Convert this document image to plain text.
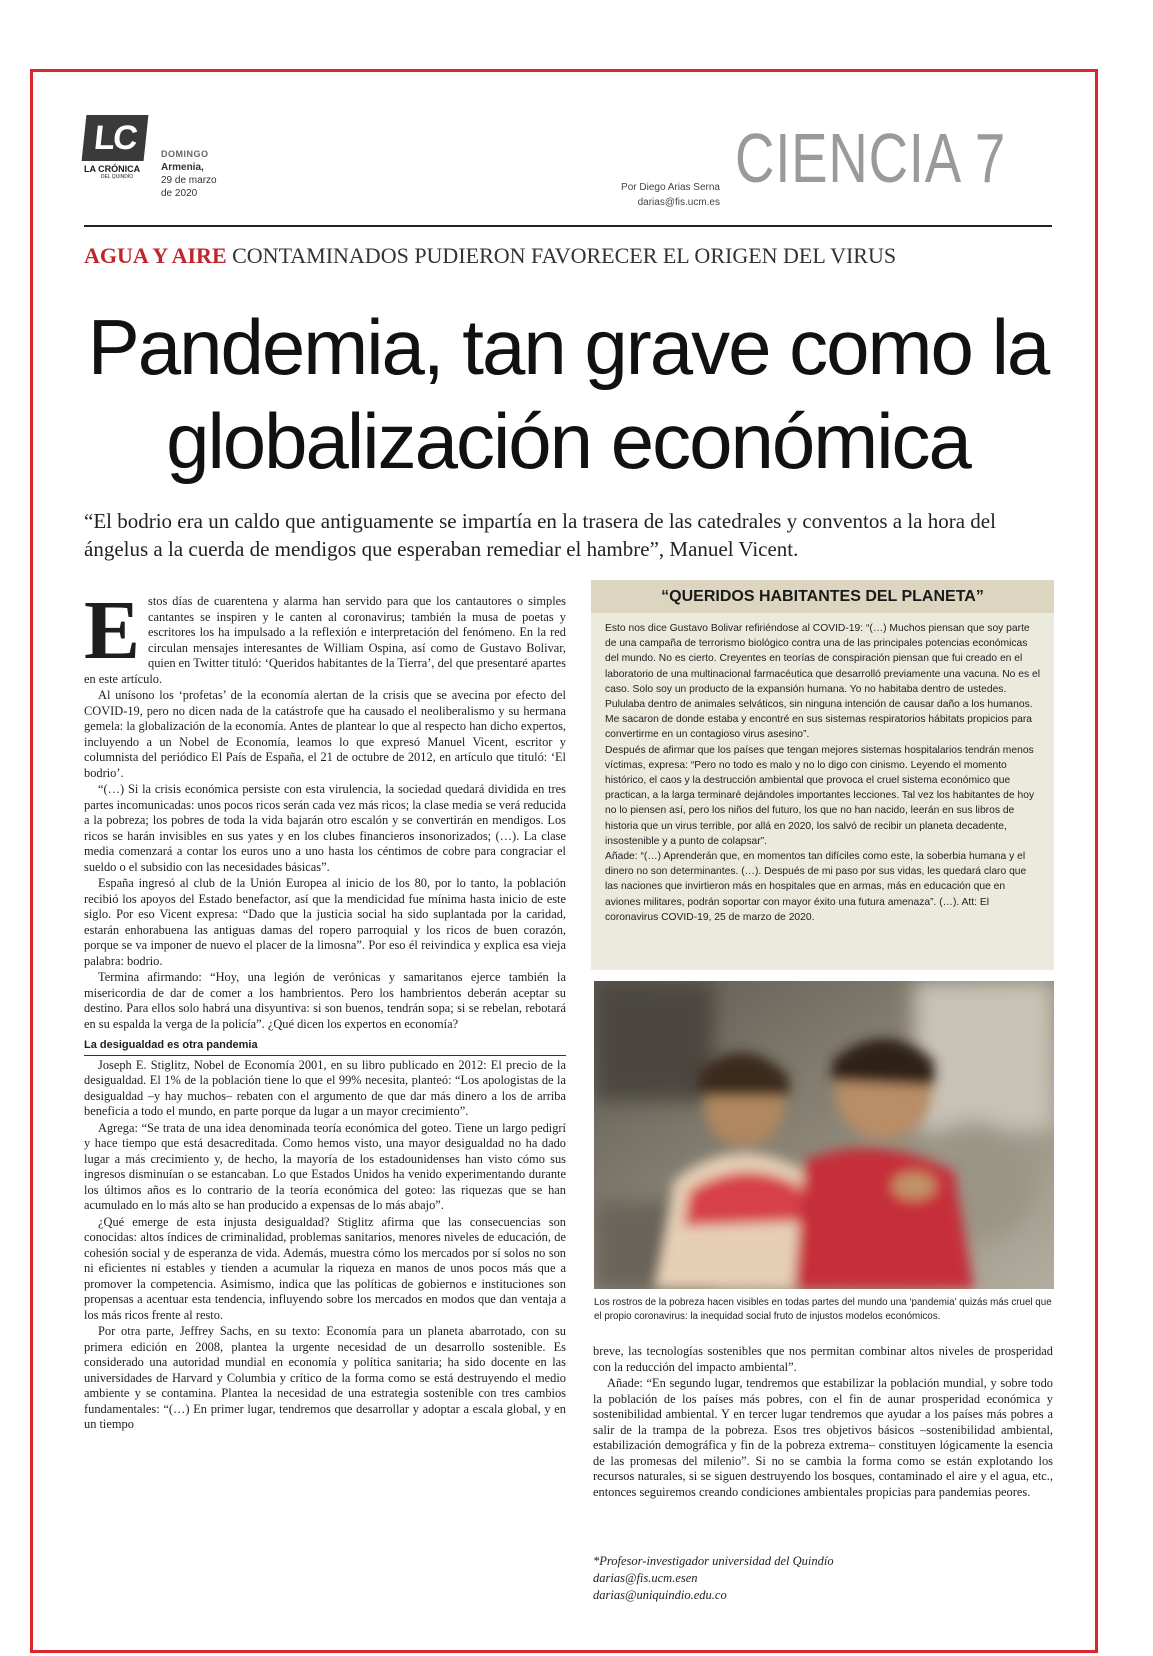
LC
LA CRÓNICA
DEL QUINDÍO
DOMINGO
Armenia,
29 de marzo
de 2020
Por Diego Arias Serna
darias@fis.ucm.es
CIENCIA 7
AGUA Y AIRE CONTAMINADOS PUDIERON FAVORECER EL ORIGEN DEL VIRUS
Pandemia, tan grave como la
globalización económica
“El bodrio era un caldo que antiguamente se impartía en la trasera de las catedrales y conventos a la hora del ángelus a la cuerda de mendigos que esperaban remediar el hambre”, Manuel Vicent.

Estos días de cuarentena y alarma han servido para que los cantautores o simples cantantes se inspiren y le canten al coronavirus; también la musa de poetas y escritores los ha impulsado a la reflexión e interpretación del fenómeno. En la red circulan mensajes interesantes de William Ospina, así como de Gustavo Bolivar, quien en Twitter tituló: ‘Queridos habitantes de la Tierra’, del que presentaré apartes en este artículo.

Al unísono los ‘profetas’ de la economía alertan de la crisis que se avecina por efecto del COVID-19, pero no dicen nada de la catástrofe que ha causado el neoliberalismo y su hermana gemela: la globalización de la economía. Antes de plantear lo que al respecto han dicho expertos, incluyendo a un Nobel de Economía, leamos lo que expresó Manuel Vicent, escritor y columnista del periódico El País de España, el 21 de octubre de 2012, en artículo que tituló: ‘El bodrio’.

“(…) Si la crisis económica persiste con esta virulencia, la sociedad quedará dividida en tres partes incomunicadas: unos pocos ricos serán cada vez más ricos; la clase media se verá reducida a la pobreza; los pobres de toda la vida bajarán otro escalón y se convertirán en mendigos. Los ricos se harán invisibles en sus yates y en los clubes financieros insonorizados; (…). La clase media comenzará a contar los euros uno a uno hasta los céntimos de cobre para congraciar el sueldo o el subsidio con las necesidades básicas”.

España ingresó al club de la Unión Europea al inicio de los 80, por lo tanto, la población recibió los apoyos del Estado benefactor, así que la mendicidad fue mínima hasta inicio de este siglo. Por eso Vicent expresa: “Dado que la justicia social ha sido suplantada por la caridad, estarán enhorabuena las antiguas damas del ropero parroquial y los ricos de buen corazón, porque se va imponer de nuevo el placer de la limosna”. Por eso él reivindica y explica esa vieja palabra: bodrio.

Termina afirmando: “Hoy, una legión de verónicas y samaritanos ejerce también la misericordia de dar de comer a los hambrientos. Pero los hambrientos deberán aceptar su destino. Para ellos solo habrá una disyuntiva: si son buenos, tendrán sopa; si se rebelan, rebotará en su espalda la verga de la policía”. ¿Qué dicen los expertos en economía?

La desigualdad es otra pandemia

Joseph E. Stiglitz, Nobel de Economía 2001, en su libro publicado en 2012: El precio de la desigualdad. El 1% de la población tiene lo que el 99% necesita, planteó: “Los apologistas de la desigualdad –y hay muchos– rebaten con el argumento de que dar más dinero a los de arriba beneficia a todo el mundo, en parte porque da lugar a un mayor crecimiento”.

Agrega: “Se trata de una idea denominada teoría económica del goteo. Tiene un largo pedigrí y hace tiempo que está desacreditada. Como hemos visto, una mayor desigualdad no ha dado lugar a más crecimiento y, de hecho, la mayoría de los estadounidenses han visto cómo sus ingresos disminuían o se estancaban. Lo que Estados Unidos ha venido experimentando durante los últimos años es lo contrario de la teoría económica del goteo: las riquezas que se han acumulado en lo más alto se han producido a expensas de lo más abajo”.

¿Qué emerge de esta injusta desigualdad? Stiglitz afirma que las consecuencias son conocidas: altos índices de criminalidad, problemas sanitarios, menores niveles de educación, de cohesión social y de esperanza de vida. Además, muestra cómo los mercados por sí solos no son ni eficientes ni estables y tienden a acumular la riqueza en manos de unos pocos más que a promover la competencia. Asimismo, indica que las políticas de gobiernos e instituciones son propensas a acentuar esta tendencia, influyendo sobre los mercados en modos que dan ventaja a los más ricos frente al resto.

Por otra parte, Jeffrey Sachs, en su texto: Economía para un planeta abarrotado, con su primera edición en 2008, plantea la urgente necesidad de un desarrollo sostenible. Es considerado una autoridad mundial en economía y política sanitaria; ha sido docente en las universidades de Harvard y Columbia y crítico de la forma como se está destruyendo el medio ambiente y se contamina. Plantea la necesidad de una estrategia sostenible con tres cambios fundamentales: “(…) En primer lugar, tendremos que desarrollar y adoptar a escala global, y en un tiempo

“QUERIDOS HABITANTES DEL PLANETA”

Esto nos dice Gustavo Bolivar refiriéndose al COVID-19: “(…) Muchos piensan que soy parte de una campaña de terrorismo biológico contra una de las principales potencias económicas del mundo. No es cierto. Creyentes en teorías de conspiración piensan que fui creado en el laboratorio de una multinacional farmacéutica que desarrolló previamente una vacuna. No es el caso. Solo soy un producto de la expansión humana. Yo no habitaba dentro de ustedes. Pululaba dentro de animales selváticos, sin ninguna intención de causar daño a los humanos. Me sacaron de donde estaba y encontré en sus sistemas respiratorios hábitats propicios para convertirme en un contagioso virus asesino”.

Después de afirmar que los países que tengan mejores sistemas hospitalarios tendrán menos víctimas, expresa: “Pero no todo es malo y no lo digo con cinismo. Leyendo el momento histórico, el caos y la destrucción ambiental que provoca el cruel sistema económico que practican, a la larga terminaré dejándoles importantes lecciones. Tal vez los habitantes de hoy no lo piensen así, pero los niños del futuro, los que no han nacido, leerán en sus libros de historia que un virus terrible, por allá en 2020, los salvó de recibir un planeta decadente, insostenible y a punto de colapsar”.

Añade: “(…) Aprenderán que, en momentos tan difíciles como este, la soberbia humana y el dinero no son determinantes. (…). Después de mi paso por sus vidas, les quedará claro que las naciones que invirtieron más en hospitales que en armas, más en educación que en aviones militares, podrán soportar con mayor éxito una futura amenaza”. (…). Att: El coronavirus COVID-19, 25 de marzo de 2020.

Los rostros de la pobreza hacen visibles en todas partes del mundo una ‘pandemia’ quizás más cruel que el propio coronavirus: la inequidad social fruto de injustos modelos económicos.

breve, las tecnologías sostenibles que nos permitan combinar altos niveles de prosperidad con la reducción del impacto ambiental”.

Añade: “En segundo lugar, tendremos que estabilizar la población mundial, y sobre todo la población de los países más pobres, con el fin de aunar prosperidad económica y sostenibilidad ambiental. Y en tercer lugar tendremos que ayudar a los países más pobres a salir de la trampa de la pobreza. Esos tres objetivos básicos –sostenibilidad ambiental, estabilización demográfica y fin de la pobreza extrema– constituyen lógicamente la esencia de las promesas del milenio”. Si no se cambia la forma como se están explotando los recursos naturales, si se siguen destruyendo los bosques, contaminado el aire y el agua, etc., entonces seguiremos creando condiciones ambientales propicias para pandemias peores.

*Profesor-investigador universidad del Quindío
darias@fis.ucm.esen
darias@uniquindio.edu.co
